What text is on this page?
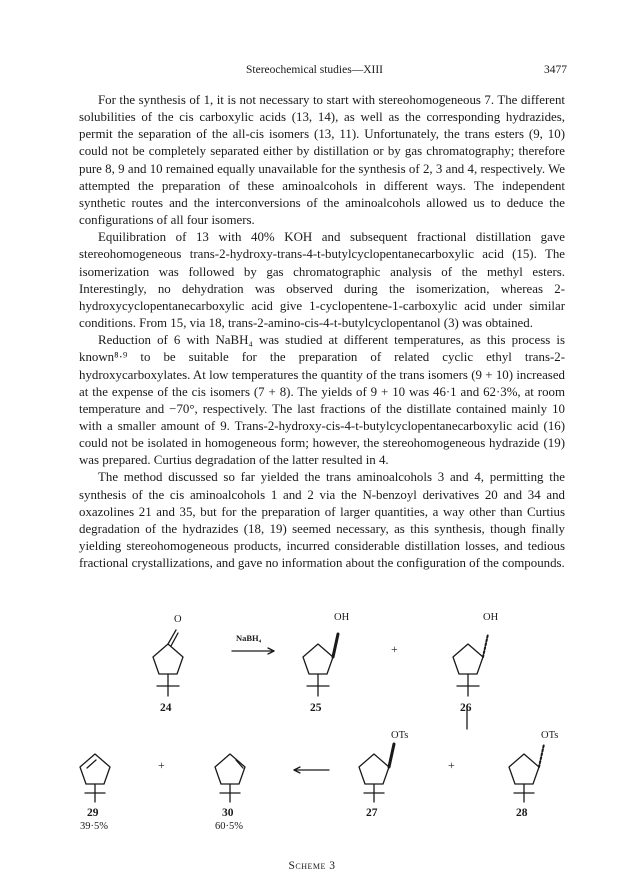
Stereochemical studies—XIII	3477

For the synthesis of 1, it is not necessary to start with stereohomogeneous 7. The different solubilities of the cis carboxylic acids (13, 14), as well as the corresponding hydrazides, permit the separation of the all-cis isomers (13, 11). Unfortunately, the trans esters (9, 10) could not be completely separated either by distillation or by gas chromatography; therefore pure 8, 9 and 10 remained equally unavailable for the synthesis of 2, 3 and 4, respectively. We attempted the preparation of these aminoalcohols in different ways. The independent synthetic routes and the interconversions of the aminoalcohols allowed us to deduce the configurations of all four isomers.

Equilibration of 13 with 40% KOH and subsequent fractional distillation gave stereohomogeneous trans-2-hydroxy-trans-4-t-butylcyclopentanecarboxylic acid (15). The isomerization was followed by gas chromatographic analysis of the methyl esters. Interestingly, no dehydration was observed during the isomerization, whereas 2-hydroxycyclopentanecarboxylic acid give 1-cyclopentene-1-carboxylic acid under similar conditions. From 15, via 18, trans-2-amino-cis-4-t-butylcyclopentanol (3) was obtained.

Reduction of 6 with NaBH₄ was studied at different temperatures, as this process is known⁸·⁹ to be suitable for the preparation of related cyclic ethyl trans-2-hydroxycarboxylates. At low temperatures the quantity of the trans isomers (9 + 10) increased at the expense of the cis isomers (7 + 8). The yields of 9 + 10 was 46·1 and 62·3%, at room temperature and −70°, respectively. The last fractions of the distillate contained mainly 10 with a smaller amount of 9. Trans-2-hydroxy-cis-4-t-butylcyclopentanecarboxylic acid (16) could not be isolated in homogeneous form; however, the stereohomogeneous hydrazide (19) was prepared. Curtius degradation of the latter resulted in 4.

The method discussed so far yielded the trans aminoalcohols 3 and 4, permitting the synthesis of the cis aminoalcohols 1 and 2 via the N-benzoyl derivatives 20 and 34 and oxazolines 21 and 35, but for the preparation of larger quantities, a way other than Curtius degradation of the hydrazides (18, 19) seemed necessary, as this synthesis, though finally yielding stereohomogeneous products, incurred considerable distillation losses, and tedious fractional crystallizations, and gave no information about the configuration of the compounds.

O
NaBH₄
OH
+
OH
24	25	26
OTs	OTs
+	+
29
39·5%
30
60·5%
27	28
Scheme 3
